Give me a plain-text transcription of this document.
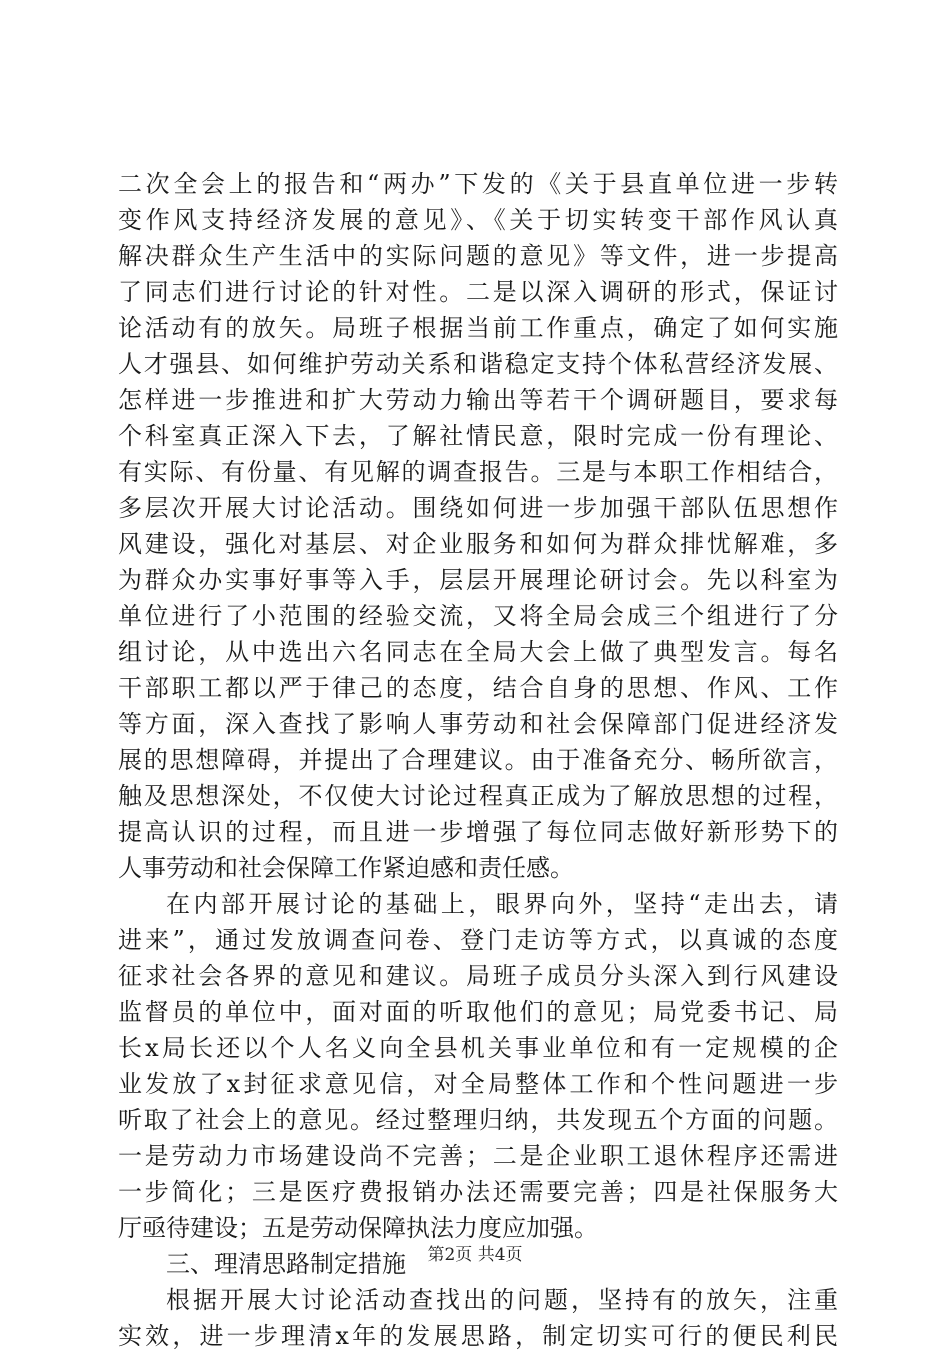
二次全会上的报告和“两办”下发的《关于县直单位进一步转
变作风支持经济发展的意见》、《关于切实转变干部作风认真
解决群众生产生活中的实际问题的意见》等文件，进一步提高
了同志们进行讨论的针对性。二是以深入调研的形式，保证讨
论活动有的放矢。局班子根据当前工作重点，确定了如何实施
人才强县、如何维护劳动关系和谐稳定支持个体私营经济发展、
怎样进一步推进和扩大劳动力输出等若干个调研题目，要求每
个科室真正深入下去，了解社情民意，限时完成一份有理论、
有实际、有份量、有见解的调查报告。三是与本职工作相结合，
多层次开展大讨论活动。围绕如何进一步加强干部队伍思想作
风建设，强化对基层、对企业服务和如何为群众排忧解难，多
为群众办实事好事等入手，层层开展理论研讨会。先以科室为
单位进行了小范围的经验交流，又将全局会成三个组进行了分
组讨论，从中选出六名同志在全局大会上做了典型发言。每名
干部职工都以严于律己的态度，结合自身的思想、作风、工作
等方面，深入查找了影响人事劳动和社会保障部门促进经济发
展的思想障碍，并提出了合理建议。由于准备充分、畅所欲言，
触及思想深处，不仅使大讨论过程真正成为了解放思想的过程，
提高认识的过程，而且进一步增强了每位同志做好新形势下的
人事劳动和社会保障工作紧迫感和责任感。
在内部开展讨论的基础上，眼界向外，坚持“走出去，请
进来”，通过发放调查问卷、登门走访等方式，以真诚的态度
征求社会各界的意见和建议。局班子成员分头深入到行风建设
监督员的单位中，面对面的听取他们的意见；局党委书记、局
长x局长还以个人名义向全县机关事业单位和有一定规模的企
业发放了x封征求意见信，对全局整体工作和个性问题进一步
听取了社会上的意见。经过整理归纳，共发现五个方面的问题。
一是劳动力市场建设尚不完善；二是企业职工退休程序还需进
一步简化；三是医疗费报销办法还需要完善；四是社保服务大
厅亟待建设；五是劳动保障执法力度应加强。
三、理清思路制定措施
根据开展大讨论活动查找出的问题，坚持有的放矢，注重
实效，进一步理清x年的发展思路，制定切实可行的便民利民
第2页 共4页
